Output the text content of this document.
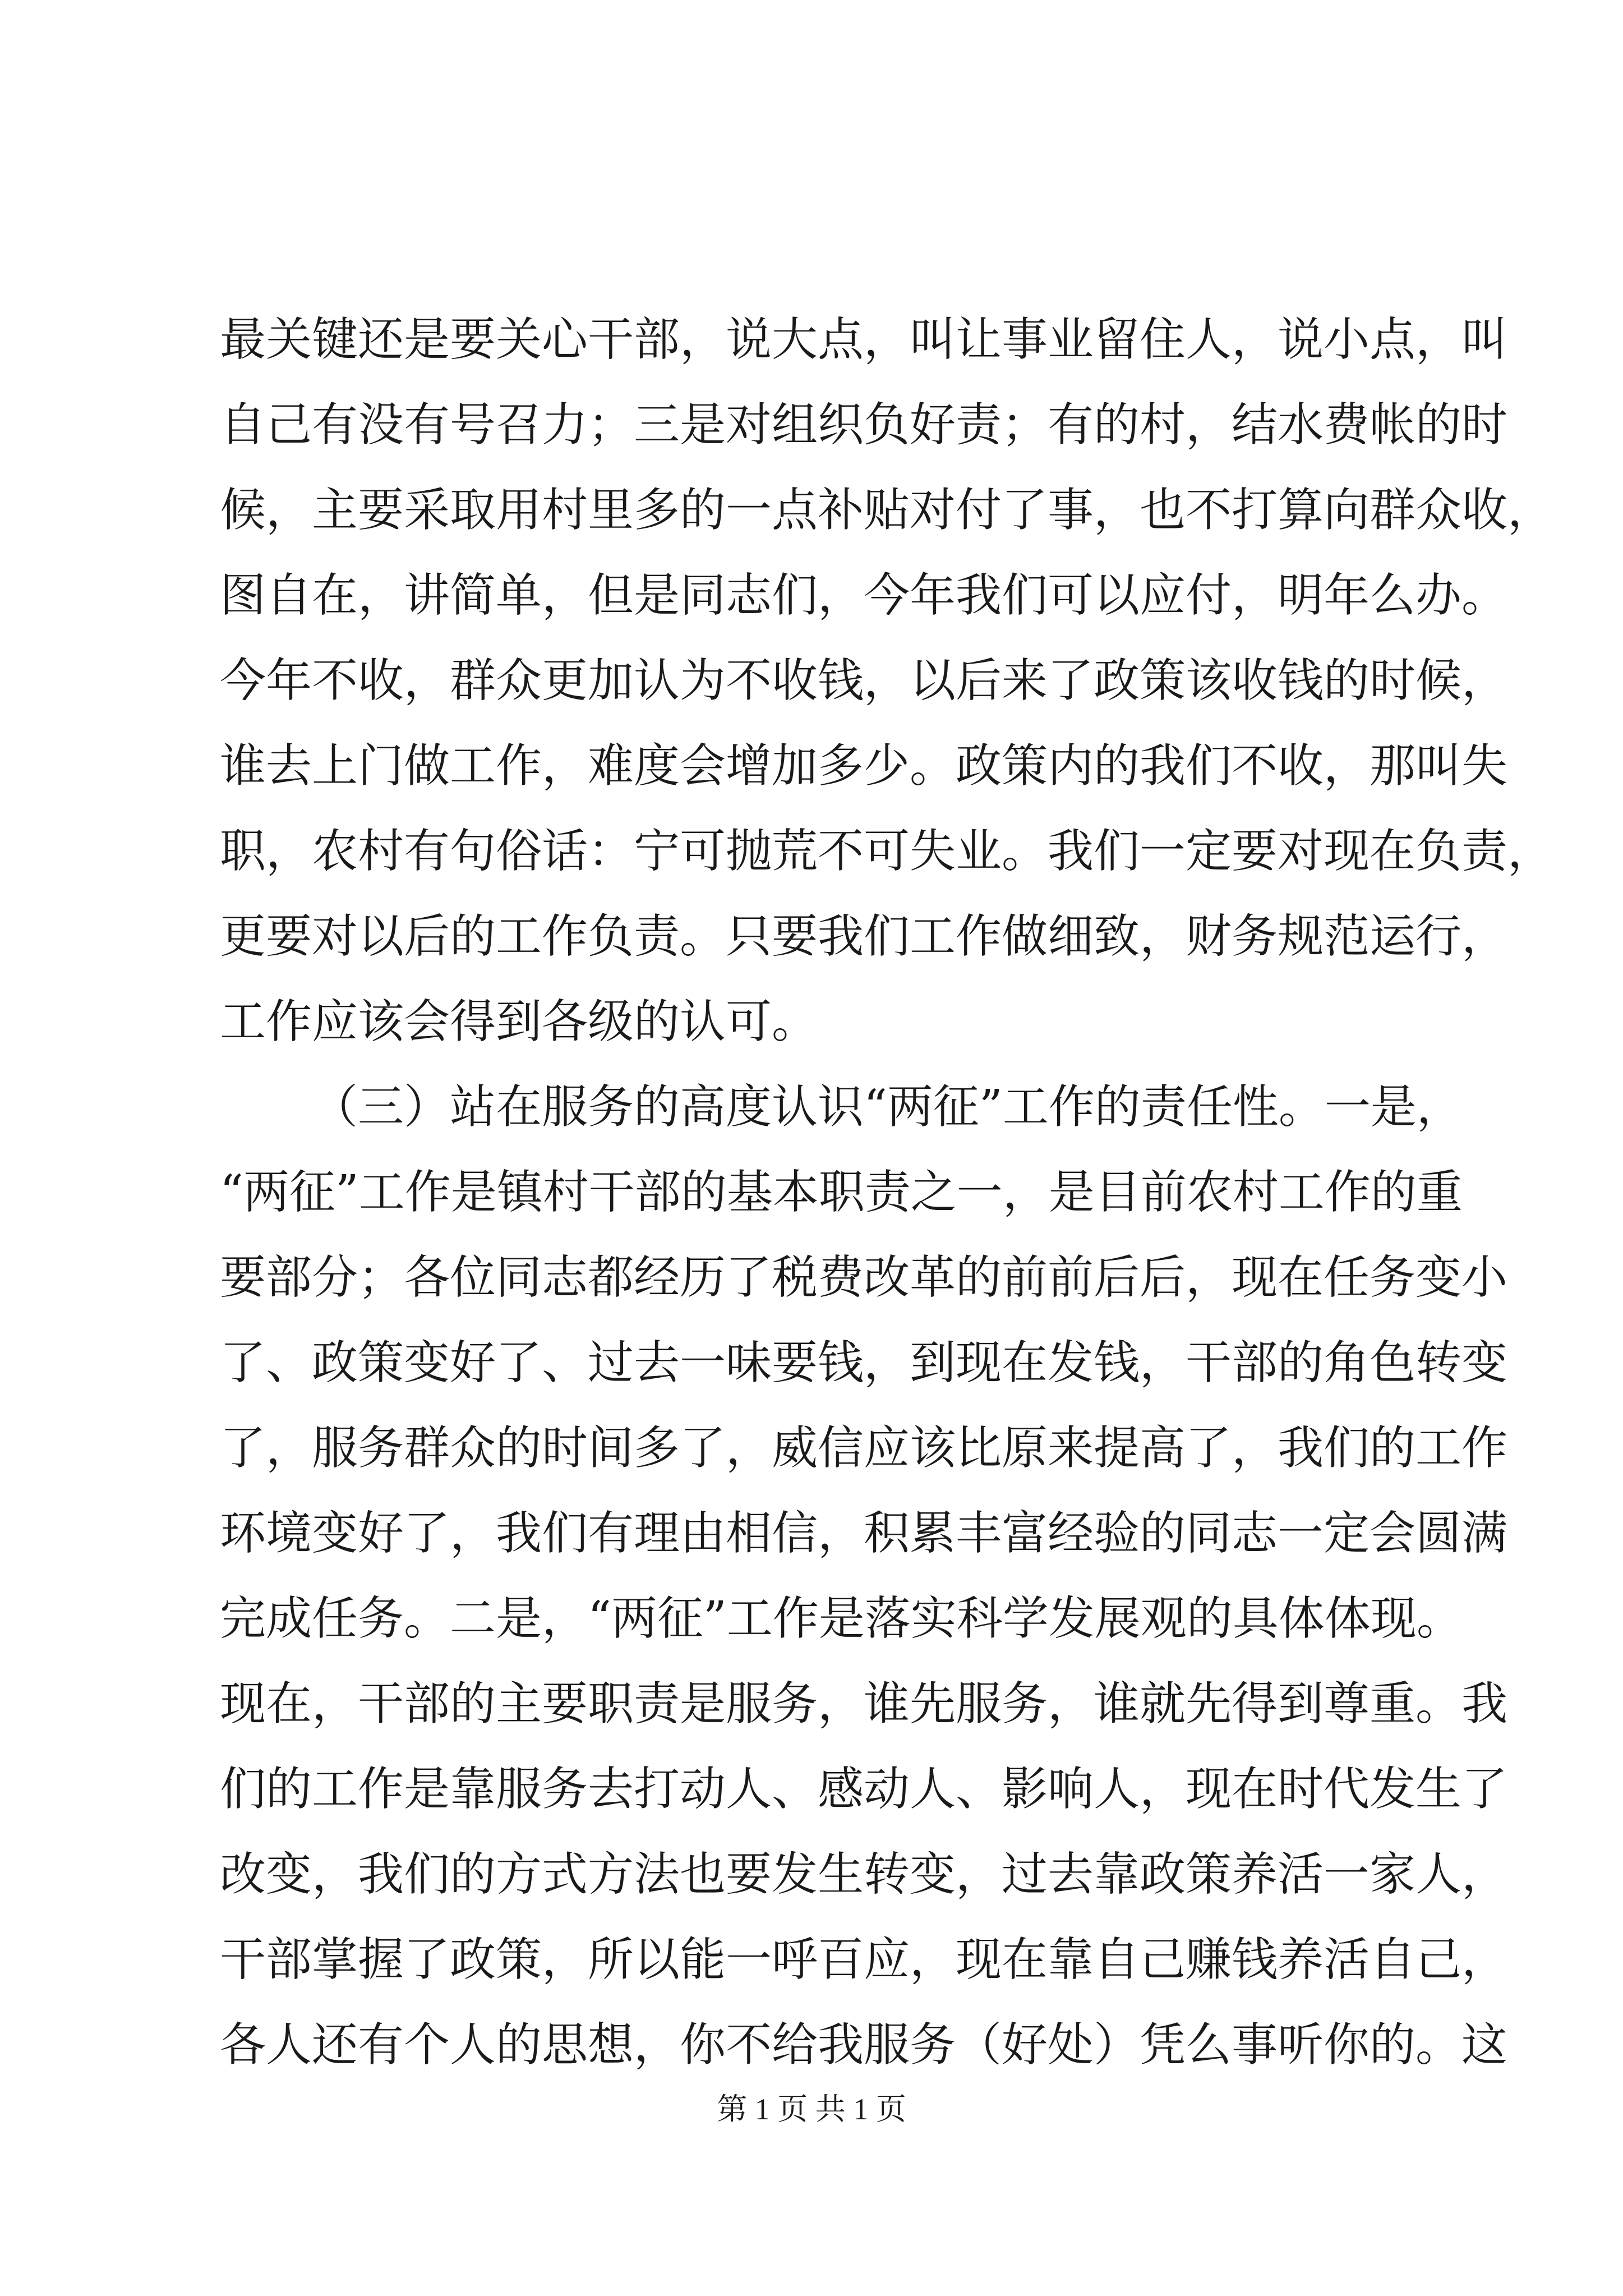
最关键还是要关心干部，说大点，叫让事业留住人，说小点，叫
自己有没有号召力；三是对组织负好责；有的村，结水费帐的时
候，主要采取用村里多的一点补贴对付了事，也不打算向群众收，
图自在，讲简单，但是同志们，今年我们可以应付，明年么办。
今年不收，群众更加认为不收钱，以后来了政策该收钱的时候，
谁去上门做工作，难度会增加多少。政策内的我们不收，那叫失
职，农村有句俗话：宁可抛荒不可失业。我们一定要对现在负责，
更要对以后的工作负责。只要我们工作做细致，财务规范运行，
工作应该会得到各级的认可。
（三）站在服务的高度认识“两征”工作的责任性。一是，
“两征”工作是镇村干部的基本职责之一，是目前农村工作的重
要部分；各位同志都经历了税费改革的前前后后，现在任务变小
了、政策变好了、过去一味要钱，到现在发钱，干部的角色转变
了，服务群众的时间多了，威信应该比原来提高了，我们的工作
环境变好了，我们有理由相信，积累丰富经验的同志一定会圆满
完成任务。二是，“两征”工作是落实科学发展观的具体体现。
现在，干部的主要职责是服务，谁先服务，谁就先得到尊重。我
们的工作是靠服务去打动人、感动人、影响人，现在时代发生了
改变，我们的方式方法也要发生转变，过去靠政策养活一家人，
干部掌握了政策，所以能一呼百应，现在靠自己赚钱养活自己，
各人还有个人的思想，你不给我服务（好处）凭么事听你的。这
第 1 页 共 1 页
